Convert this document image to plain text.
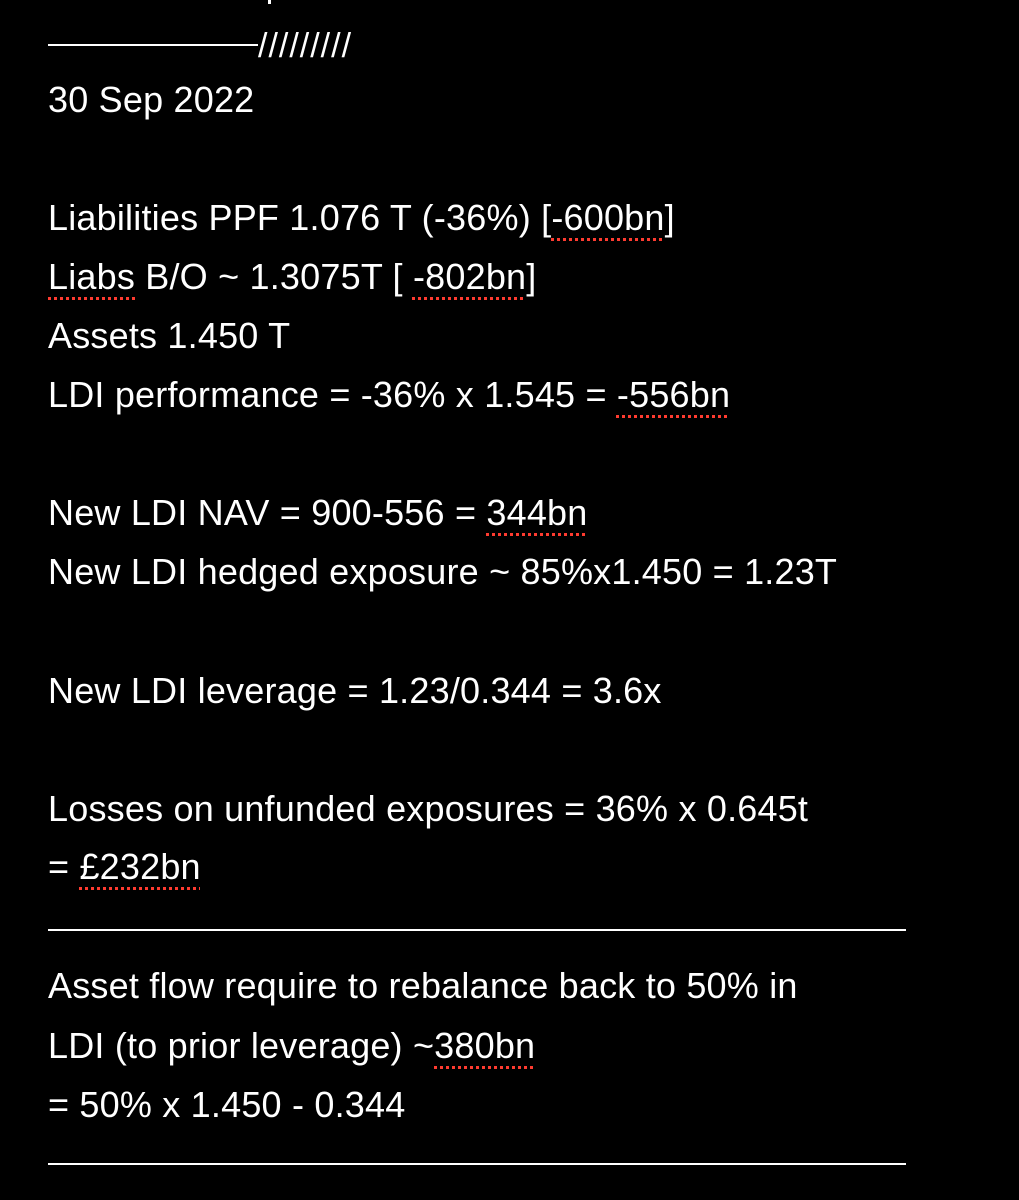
/////////
30 Sep 2022
Liabilities PPF 1.076 T (-36%) [-600bn]
Liabs B/O ~ 1.3075T [ -802bn]
Assets 1.450 T
LDI performance = -36% x 1.545 = -556bn
New LDI NAV = 900-556 = 344bn
New LDI hedged exposure ~ 85%x1.450 = 1.23T
New LDI leverage = 1.23/0.344 = 3.6x
Losses on unfunded exposures = 36% x 0.645t
= £232bn
Asset flow require to rebalance back to 50% in
LDI (to prior leverage) ~380bn
= 50% x 1.450 - 0.344
